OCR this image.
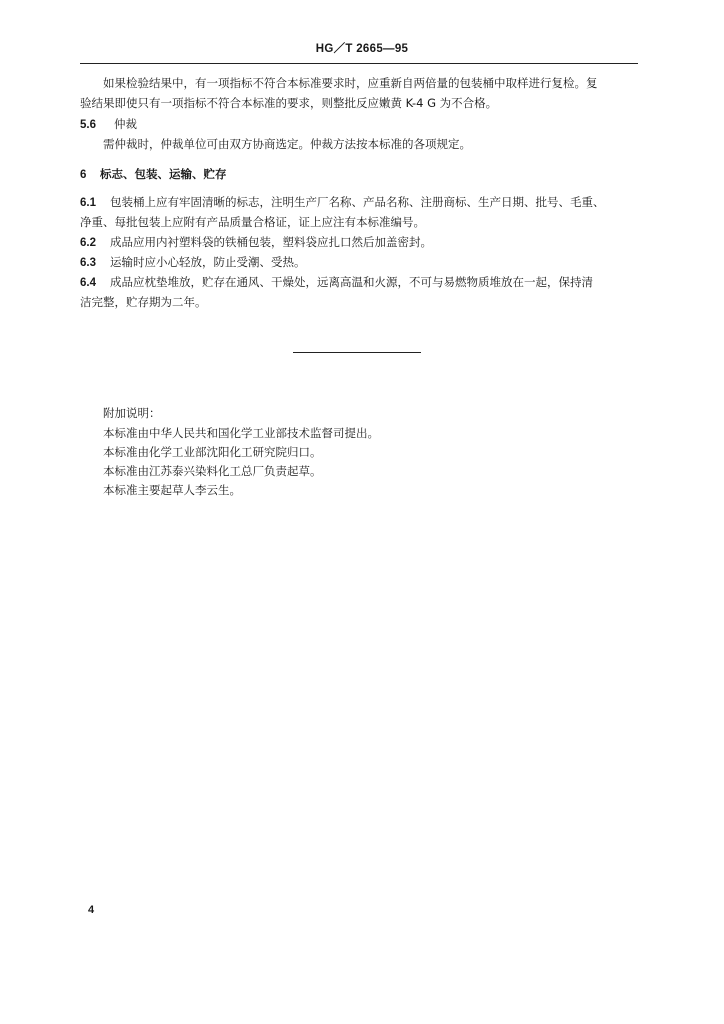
HG／T 2665—95
如果检验结果中，有一项指标不符合本标准要求时，应重新自两倍量的包装桶中取样进行复检。复
验结果即使只有一项指标不符合本标准的要求，则整批反应嫩黄 K-4 G 为不合格。
5.6 仲裁
需仲裁时，仲裁单位可由双方协商选定。仲裁方法按本标准的各项规定。
6 标志、包装、运输、贮存
6.1 包装桶上应有牢固清晰的标志，注明生产厂名称、产品名称、注册商标、生产日期、批号、毛重、
净重、每批包装上应附有产品质量合格证，证上应注有本标准编号。
6.2 成品应用内衬塑料袋的铁桶包装，塑料袋应扎口然后加盖密封。
6.3 运输时应小心轻放，防止受潮、受热。
6.4 成品应枕垫堆放，贮存在通风、干燥处，远离高温和火源，不可与易燃物质堆放在一起，保持清
洁完整，贮存期为二年。
附加说明：
本标准由中华人民共和国化学工业部技术监督司提出。
本标准由化学工业部沈阳化工研究院归口。
本标准由江苏泰兴染料化工总厂负责起草。
本标准主要起草人李云生。
4
